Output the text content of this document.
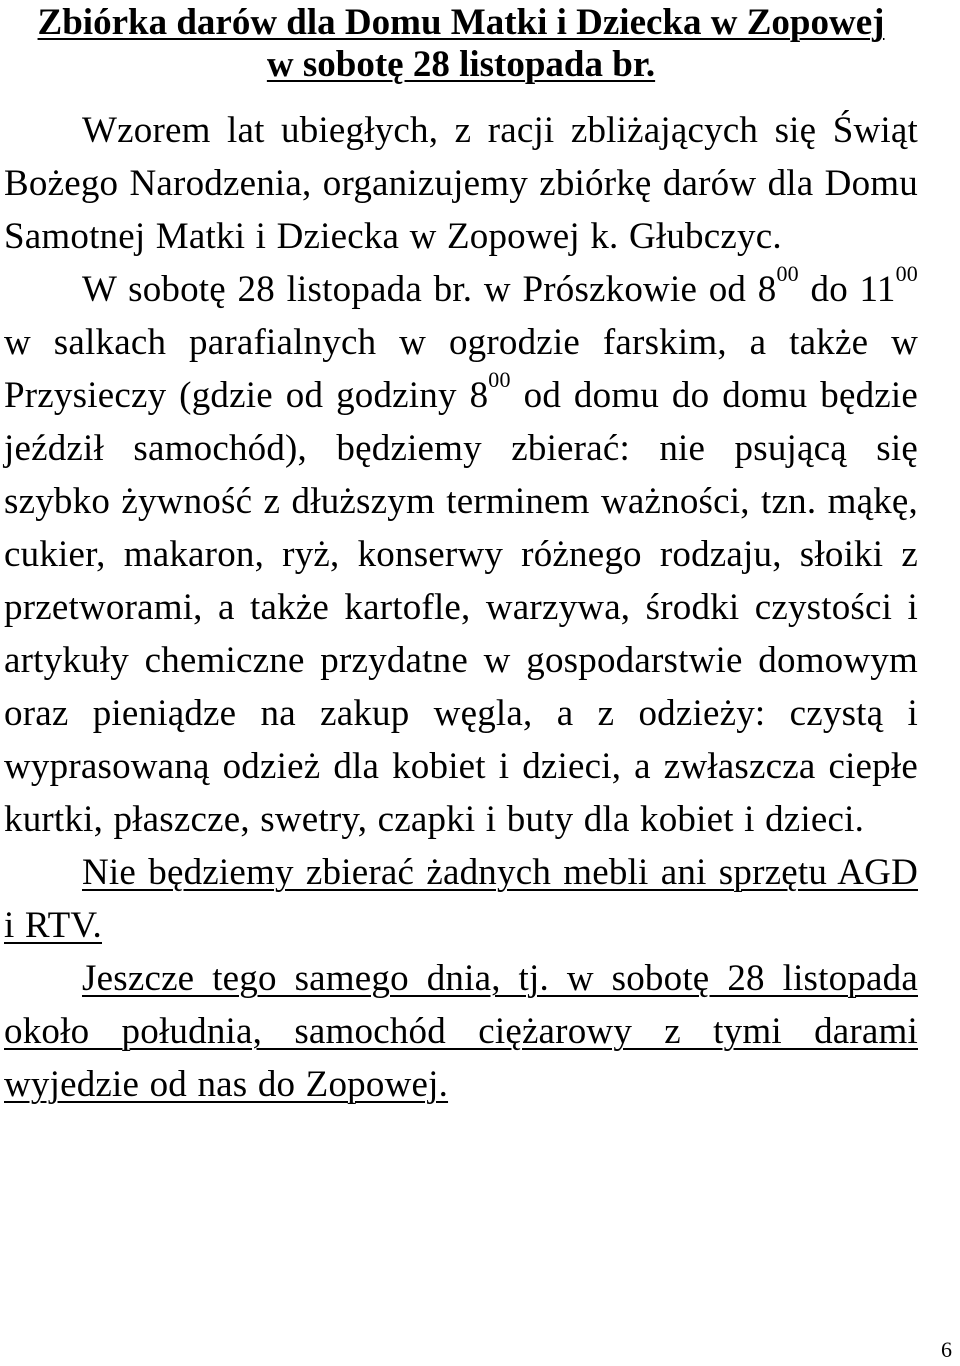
Zbiórka darów dla Domu Matki i Dziecka w Zopowej
w sobotę 28 listopada br.

Wzorem lat ubiegłych, z racji zbliżających się Świąt Bożego Narodzenia, organizujemy zbiórkę darów dla Domu Samotnej Matki i Dziecka w Zopowej k. Głubczyc.

W sobotę 28 listopada br. w Prószkowie od $8^{00}$ do $11^{00}$ w salkach parafialnych w ogrodzie farskim, a także w Przysieczy (gdzie od godziny $8^{00}$ od domu do domu będzie jeździł samochód), będziemy zbierać: nie psującą się szybko żywność z dłuższym terminem ważności, tzn. mąkę, cukier, makaron, ryż, konserwy różnego rodzaju, słoiki z przetworami, a także kartofle, warzywa, środki czystości i artykuły chemiczne przydatne w gospodarstwie domowym oraz pieniądze na zakup węgla, a z odzieży: czystą i wyprasowaną odzież dla kobiet i dzieci, a zwłaszcza ciepłe kurtki, płaszcze, swetry, czapki i buty dla kobiet i dzieci.

Nie będziemy zbierać żadnych mebli ani sprzętu AGD i RTV.

Jeszcze tego samego dnia, tj. w sobotę 28 listopada około południa, samochód ciężarowy z tymi darami wyjedzie od nas do Zopowej.

6
